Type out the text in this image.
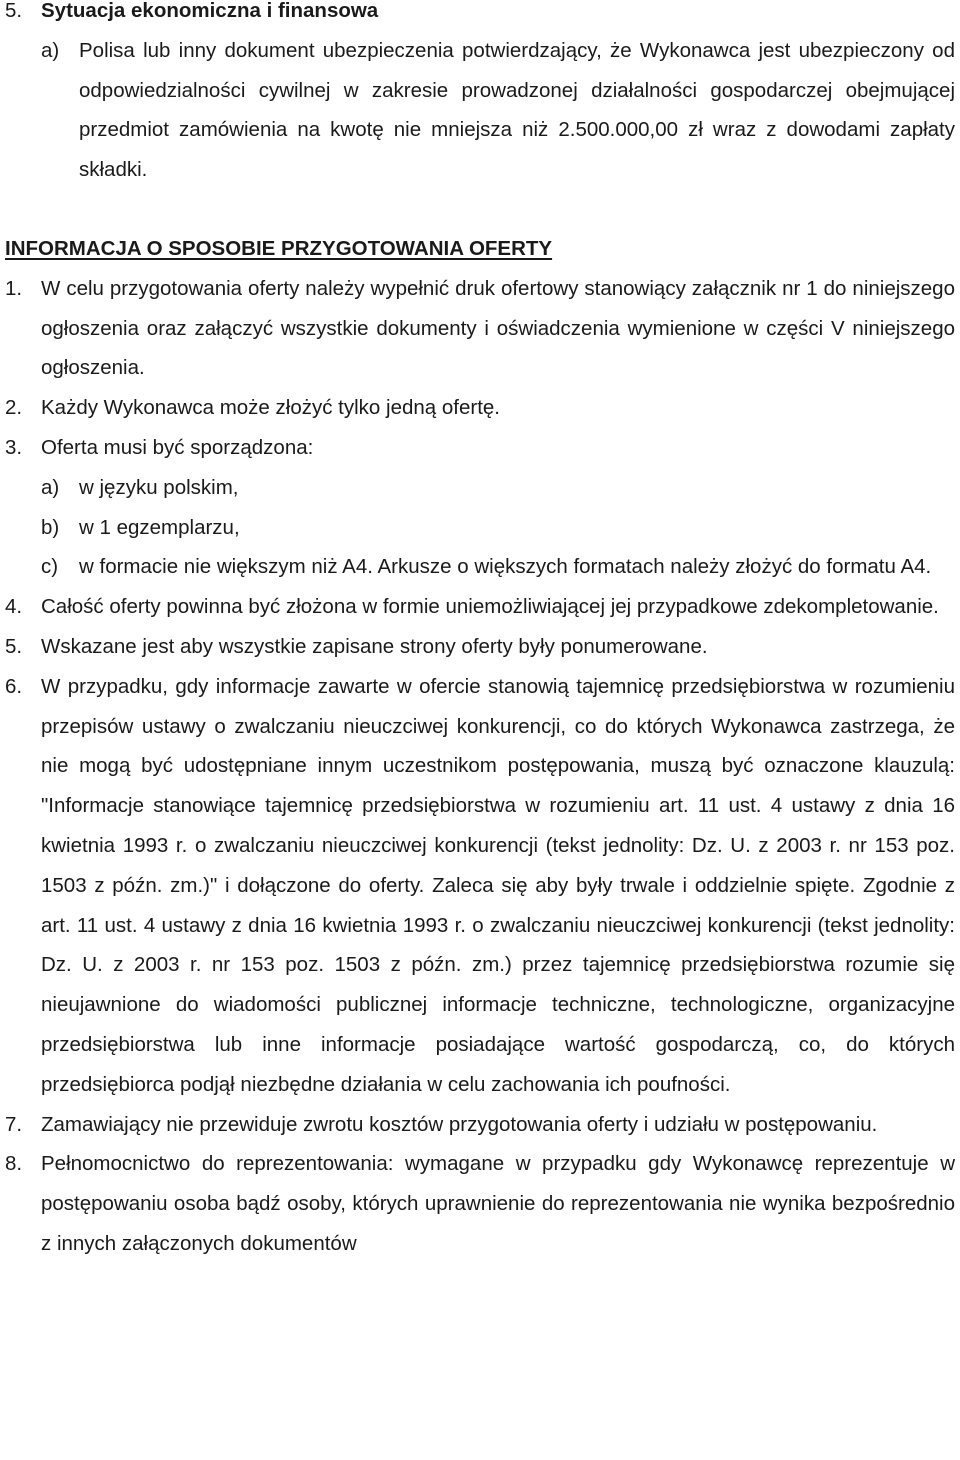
5. Sytuacja ekonomiczna i finansowa
a) Polisa lub inny dokument ubezpieczenia potwierdzający, że Wykonawca jest ubezpieczony od odpowiedzialności cywilnej w zakresie prowadzonej działalności gospodarczej obejmującej przedmiot zamówienia na kwotę nie mniejsza niż 2.500.000,00 zł wraz z dowodami zapłaty składki.
INFORMACJA O SPOSOBIE PRZYGOTOWANIA OFERTY
1. W celu przygotowania oferty należy wypełnić druk ofertowy stanowiący załącznik nr 1 do niniejszego ogłoszenia oraz załączyć wszystkie dokumenty i oświadczenia wymienione w części V niniejszego ogłoszenia.
2. Każdy Wykonawca może złożyć tylko jedną ofertę.
3. Oferta musi być sporządzona:
a) w języku polskim,
b) w 1 egzemplarzu,
c)	w formacie nie większym niż A4. Arkusze o większych formatach należy złożyć do formatu A4.
4. Całość oferty powinna być złożona w formie uniemożliwiającej jej przypadkowe zdekompletowanie.
5. Wskazane jest aby wszystkie zapisane strony oferty były ponumerowane.
6. W przypadku, gdy informacje zawarte w ofercie stanowią tajemnicę przedsiębiorstwa w rozumieniu przepisów ustawy o zwalczaniu nieuczciwej konkurencji, co do których Wykonawca zastrzega, że nie mogą być udostępniane innym uczestnikom postępowania, muszą być oznaczone klauzulą: "Informacje stanowiące tajemnicę przedsiębiorstwa w rozumieniu art. 11 ust. 4 ustawy z dnia 16 kwietnia 1993 r. o zwalczaniu nieuczciwej konkurencji (tekst jednolity: Dz. U. z 2003 r. nr 153 poz. 1503 z późn. zm.)" i dołączone do oferty. Zaleca się aby były trwale i oddzielnie spięte. Zgodnie z art. 11 ust. 4 ustawy z dnia 16 kwietnia 1993 r. o zwalczaniu nieuczciwej konkurencji (tekst jednolity: Dz. U. z 2003 r. nr 153 poz. 1503 z późn. zm.) przez tajemnicę przedsiębiorstwa rozumie się nieujawnione do wiadomości publicznej informacje techniczne, technologiczne, organizacyjne przedsiębiorstwa lub inne informacje posiadające wartość gospodarczą, co, do których przedsiębiorca podjął niezbędne działania w celu zachowania ich poufności.
7. Zamawiający nie przewiduje zwrotu kosztów przygotowania oferty i udziału w postępowaniu.
8. Pełnomocnictwo do reprezentowania: wymagane w przypadku gdy Wykonawcę reprezentuje w postępowaniu osoba bądź osoby, których uprawnienie do reprezentowania nie wynika bezpośrednio z innych załączonych dokumentów
